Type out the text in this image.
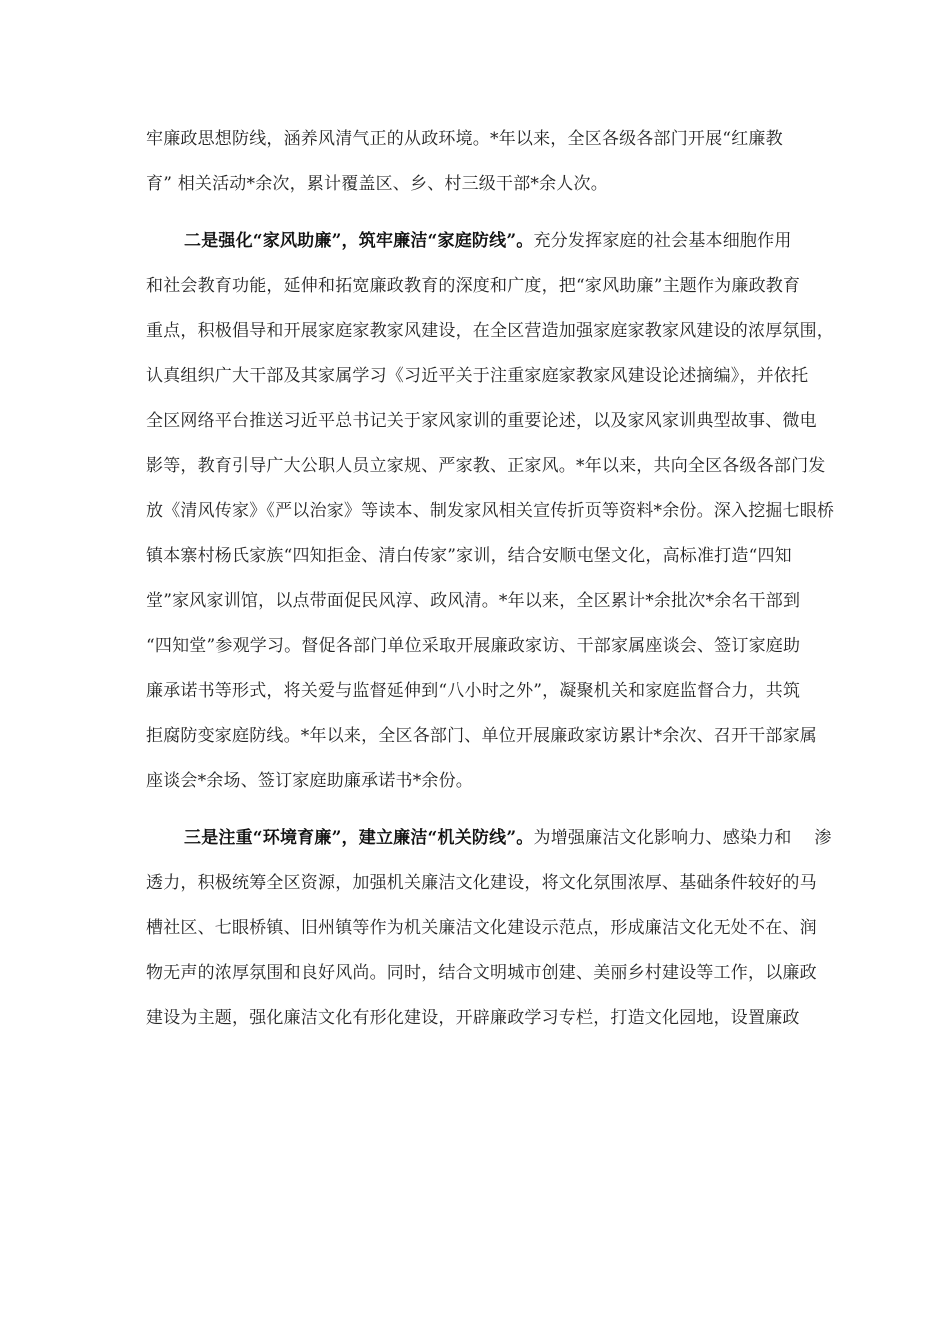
牢廉政思想防线，涵养风清气正的从政环境。*年以来，全区各级各部门开展“红廉教
育” 相关活动*余次，累计覆盖区、乡、村三级干部*余人次。
二是强化“家风助廉”，筑牢廉洁“家庭防线”。充分发挥家庭的社会基本细胞作用
和社会教育功能，延伸和拓宽廉政教育的深度和广度，把“家风助廉”主题作为廉政教育
重点，积极倡导和开展家庭家教家风建设，在全区营造加强家庭家教家风建设的浓厚氛围，
认真组织广大干部及其家属学习《习近平关于注重家庭家教家风建设论述摘编》，并依托
全区网络平台推送习近平总书记关于家风家训的重要论述，以及家风家训典型故事、微电
影等，教育引导广大公职人员立家规、严家教、正家风。*年以来，共向全区各级各部门发
放《清风传家》《严以治家》等读本、制发家风相关宣传折页等资料*余份。深入挖掘七眼桥
镇本寨村杨氏家族“四知拒金、清白传家”家训，结合安顺屯堡文化，高标准打造“四知
堂”家风家训馆，以点带面促民风淳、政风清。*年以来，全区累计*余批次*余名干部到
“四知堂”参观学习。督促各部门单位采取开展廉政家访、干部家属座谈会、签订家庭助
廉承诺书等形式，将关爱与监督延伸到“八小时之外”，凝聚机关和家庭监督合力，共筑
拒腐防变家庭防线。*年以来，全区各部门、单位开展廉政家访累计*余次、召开干部家属
座谈会*余场、签订家庭助廉承诺书*余份。
三是注重“环境育廉”，建立廉洁“机关防线”。为增强廉洁文化影响力、感染力和　 渗
透力，积极统筹全区资源，加强机关廉洁文化建设，将文化氛围浓厚、基础条件较好的马
槽社区、七眼桥镇、旧州镇等作为机关廉洁文化建设示范点，形成廉洁文化无处不在、润
物无声的浓厚氛围和良好风尚。同时，结合文明城市创建、美丽乡村建设等工作，以廉政
建设为主题，强化廉洁文化有形化建设，开辟廉政学习专栏，打造文化园地，设置廉政
